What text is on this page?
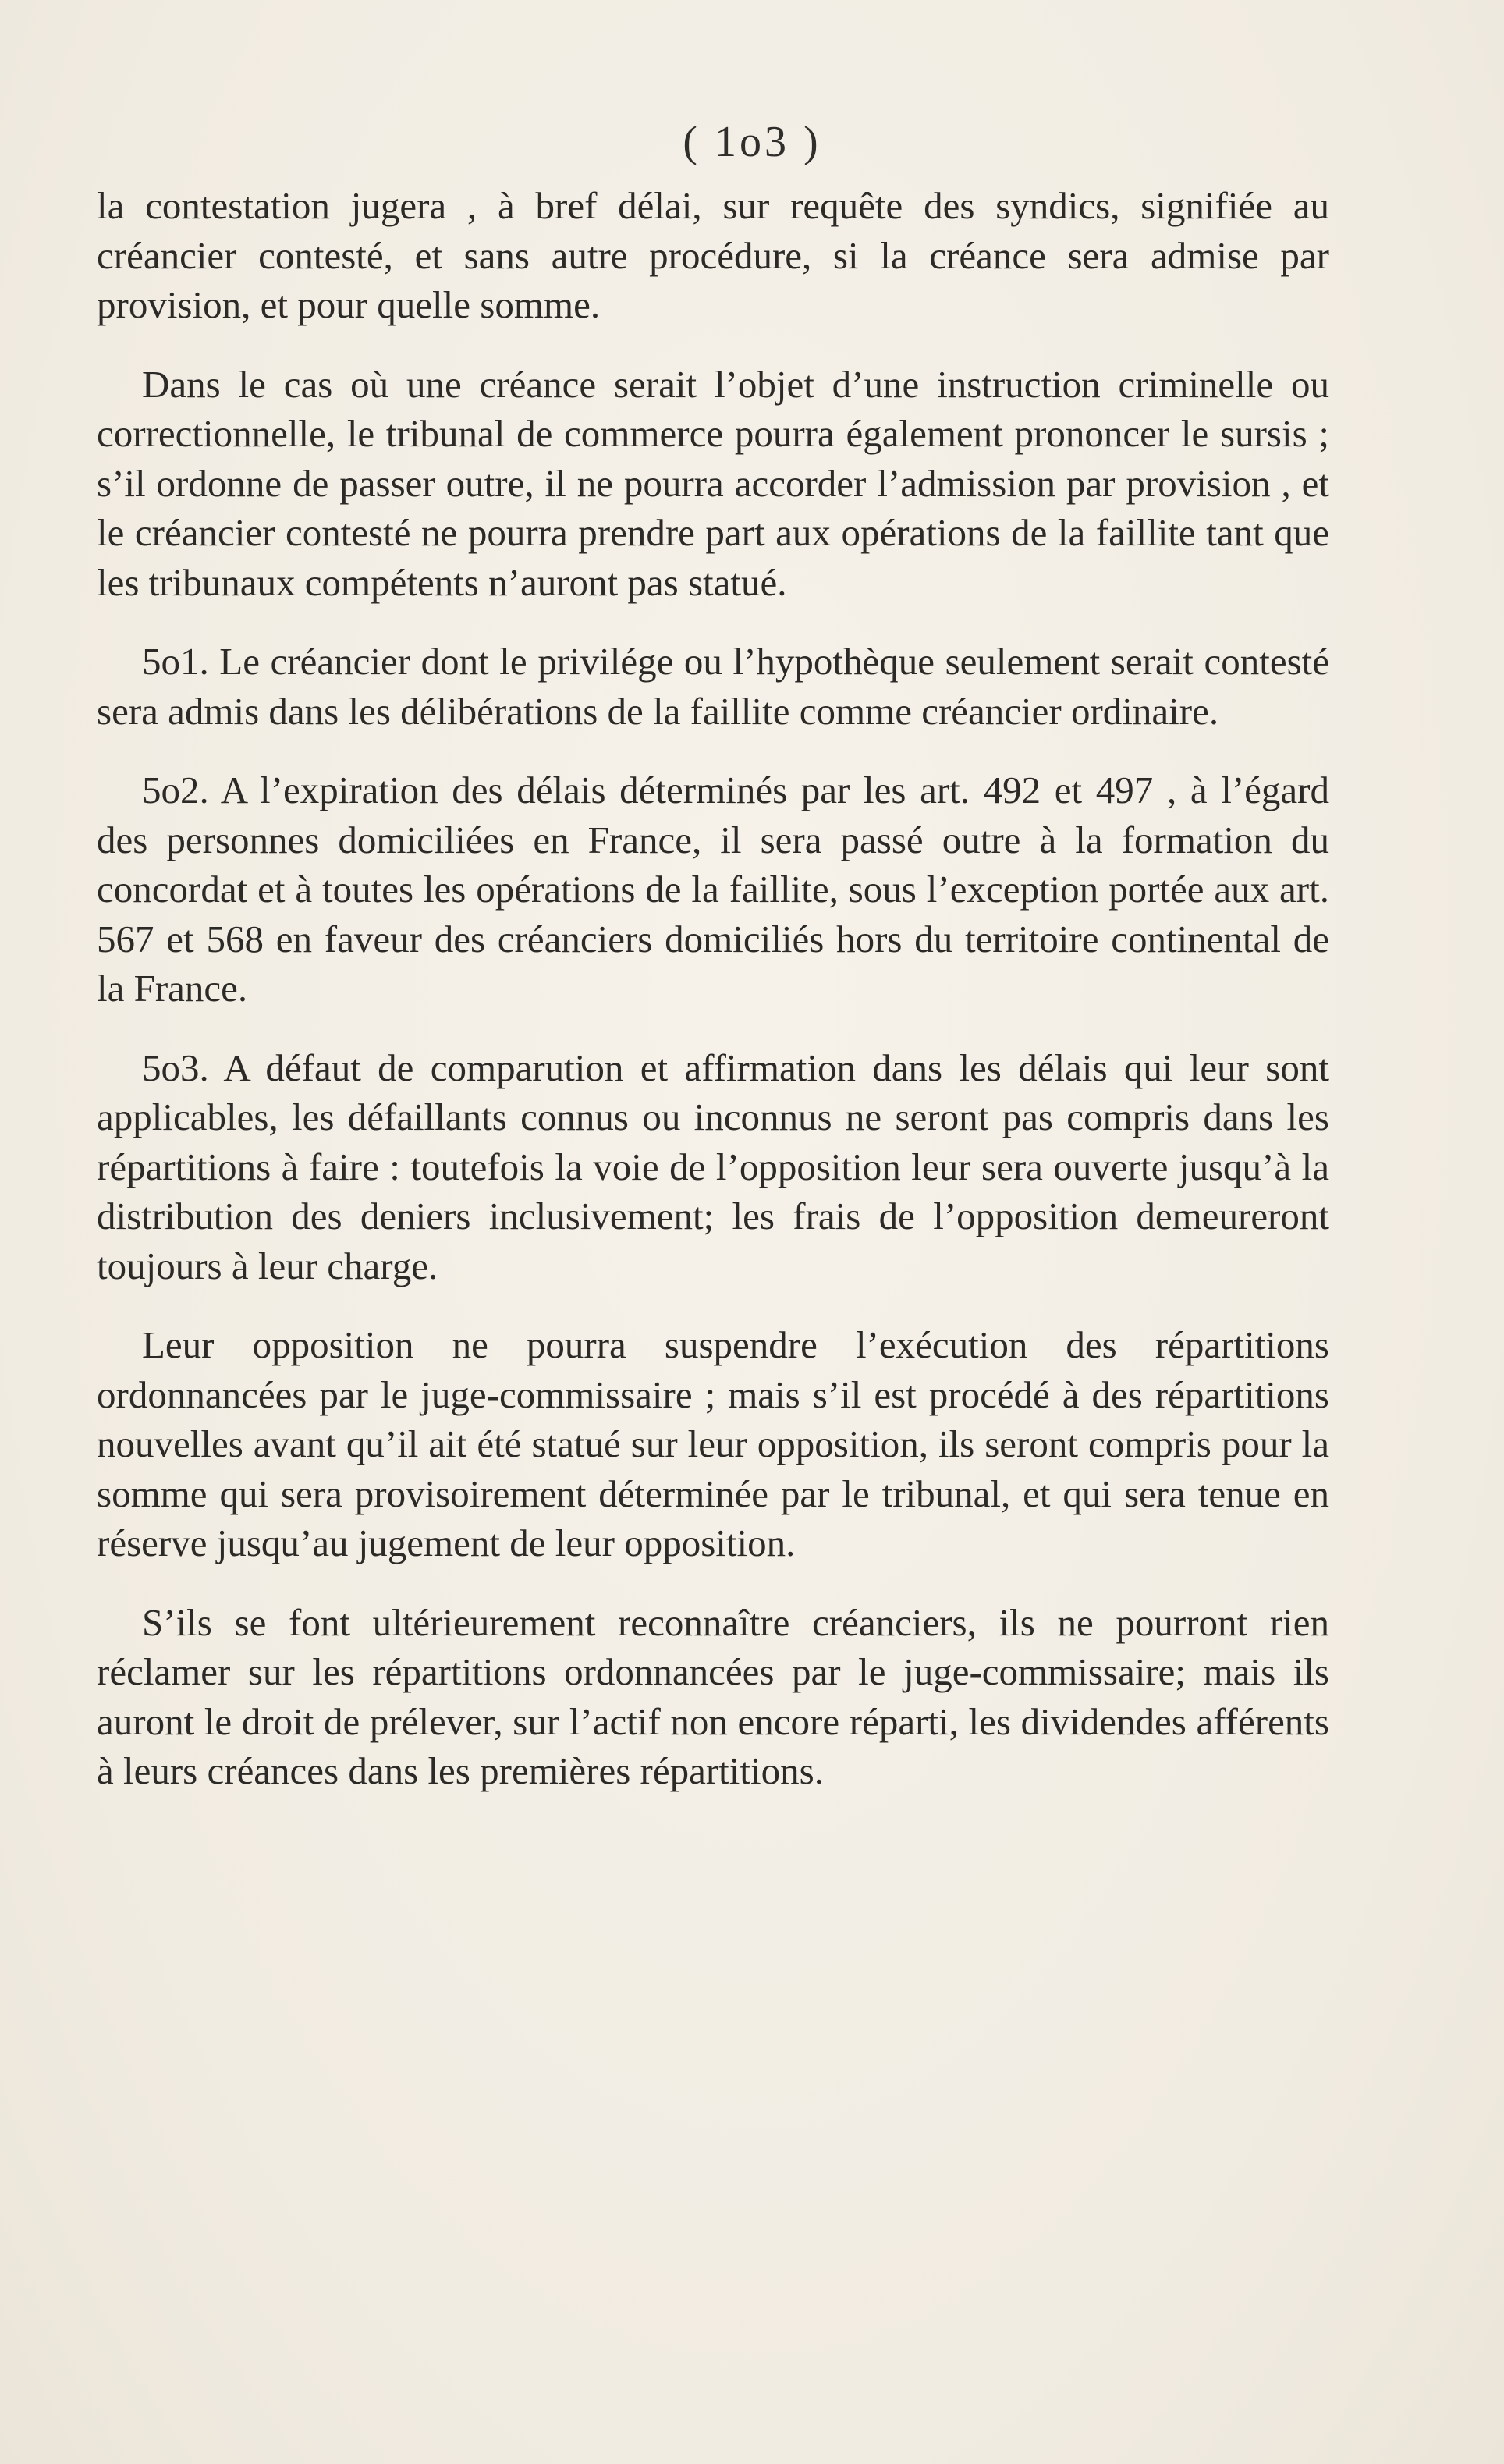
( 1o3 )

la contestation jugera , à bref délai, sur requête des syndics, signifiée au créancier contesté, et sans autre procédure, si la créance sera admise par provision, et pour quelle somme.

Dans le cas où une créance serait l’objet d’une instruction criminelle ou correctionnelle, le tribunal de commerce pourra également prononcer le sursis ; s’il ordonne de passer outre, il ne pourra accorder l’admission par provision , et le créancier contesté ne pourra prendre part aux opérations de la faillite tant que les tribunaux compétents n’auront pas statué.

5o1. Le créancier dont le privilége ou l’hypothèque seulement serait contesté sera admis dans les délibérations de la faillite comme créancier ordinaire.

5o2. A l’expiration des délais déterminés par les art. 492 et 497 , à l’égard des personnes domiciliées en France, il sera passé outre à la formation du concordat et à toutes les opérations de la faillite, sous l’exception portée aux art. 567 et 568 en faveur des créanciers domiciliés hors du territoire continental de la France.

5o3. A défaut de comparution et affirmation dans les délais qui leur sont applicables, les défaillants connus ou inconnus ne seront pas compris dans les répartitions à faire : toutefois la voie de l’opposition leur sera ouverte jusqu’à la distribution des deniers inclusivement; les frais de l’opposition demeureront toujours à leur charge.

Leur opposition ne pourra suspendre l’exécution des répartitions ordonnancées par le juge-commissaire ; mais s’il est procédé à des répartitions nouvelles avant qu’il ait été statué sur leur opposition, ils seront compris pour la somme qui sera provisoirement déterminée par le tribunal, et qui sera tenue en réserve jusqu’au jugement de leur opposition.

S’ils se font ultérieurement reconnaître créanciers, ils ne pourront rien réclamer sur les répartitions ordonnancées par le juge-commissaire; mais ils auront le droit de prélever, sur l’actif non encore réparti, les dividendes afférents à leurs créances dans les premières répartitions.
